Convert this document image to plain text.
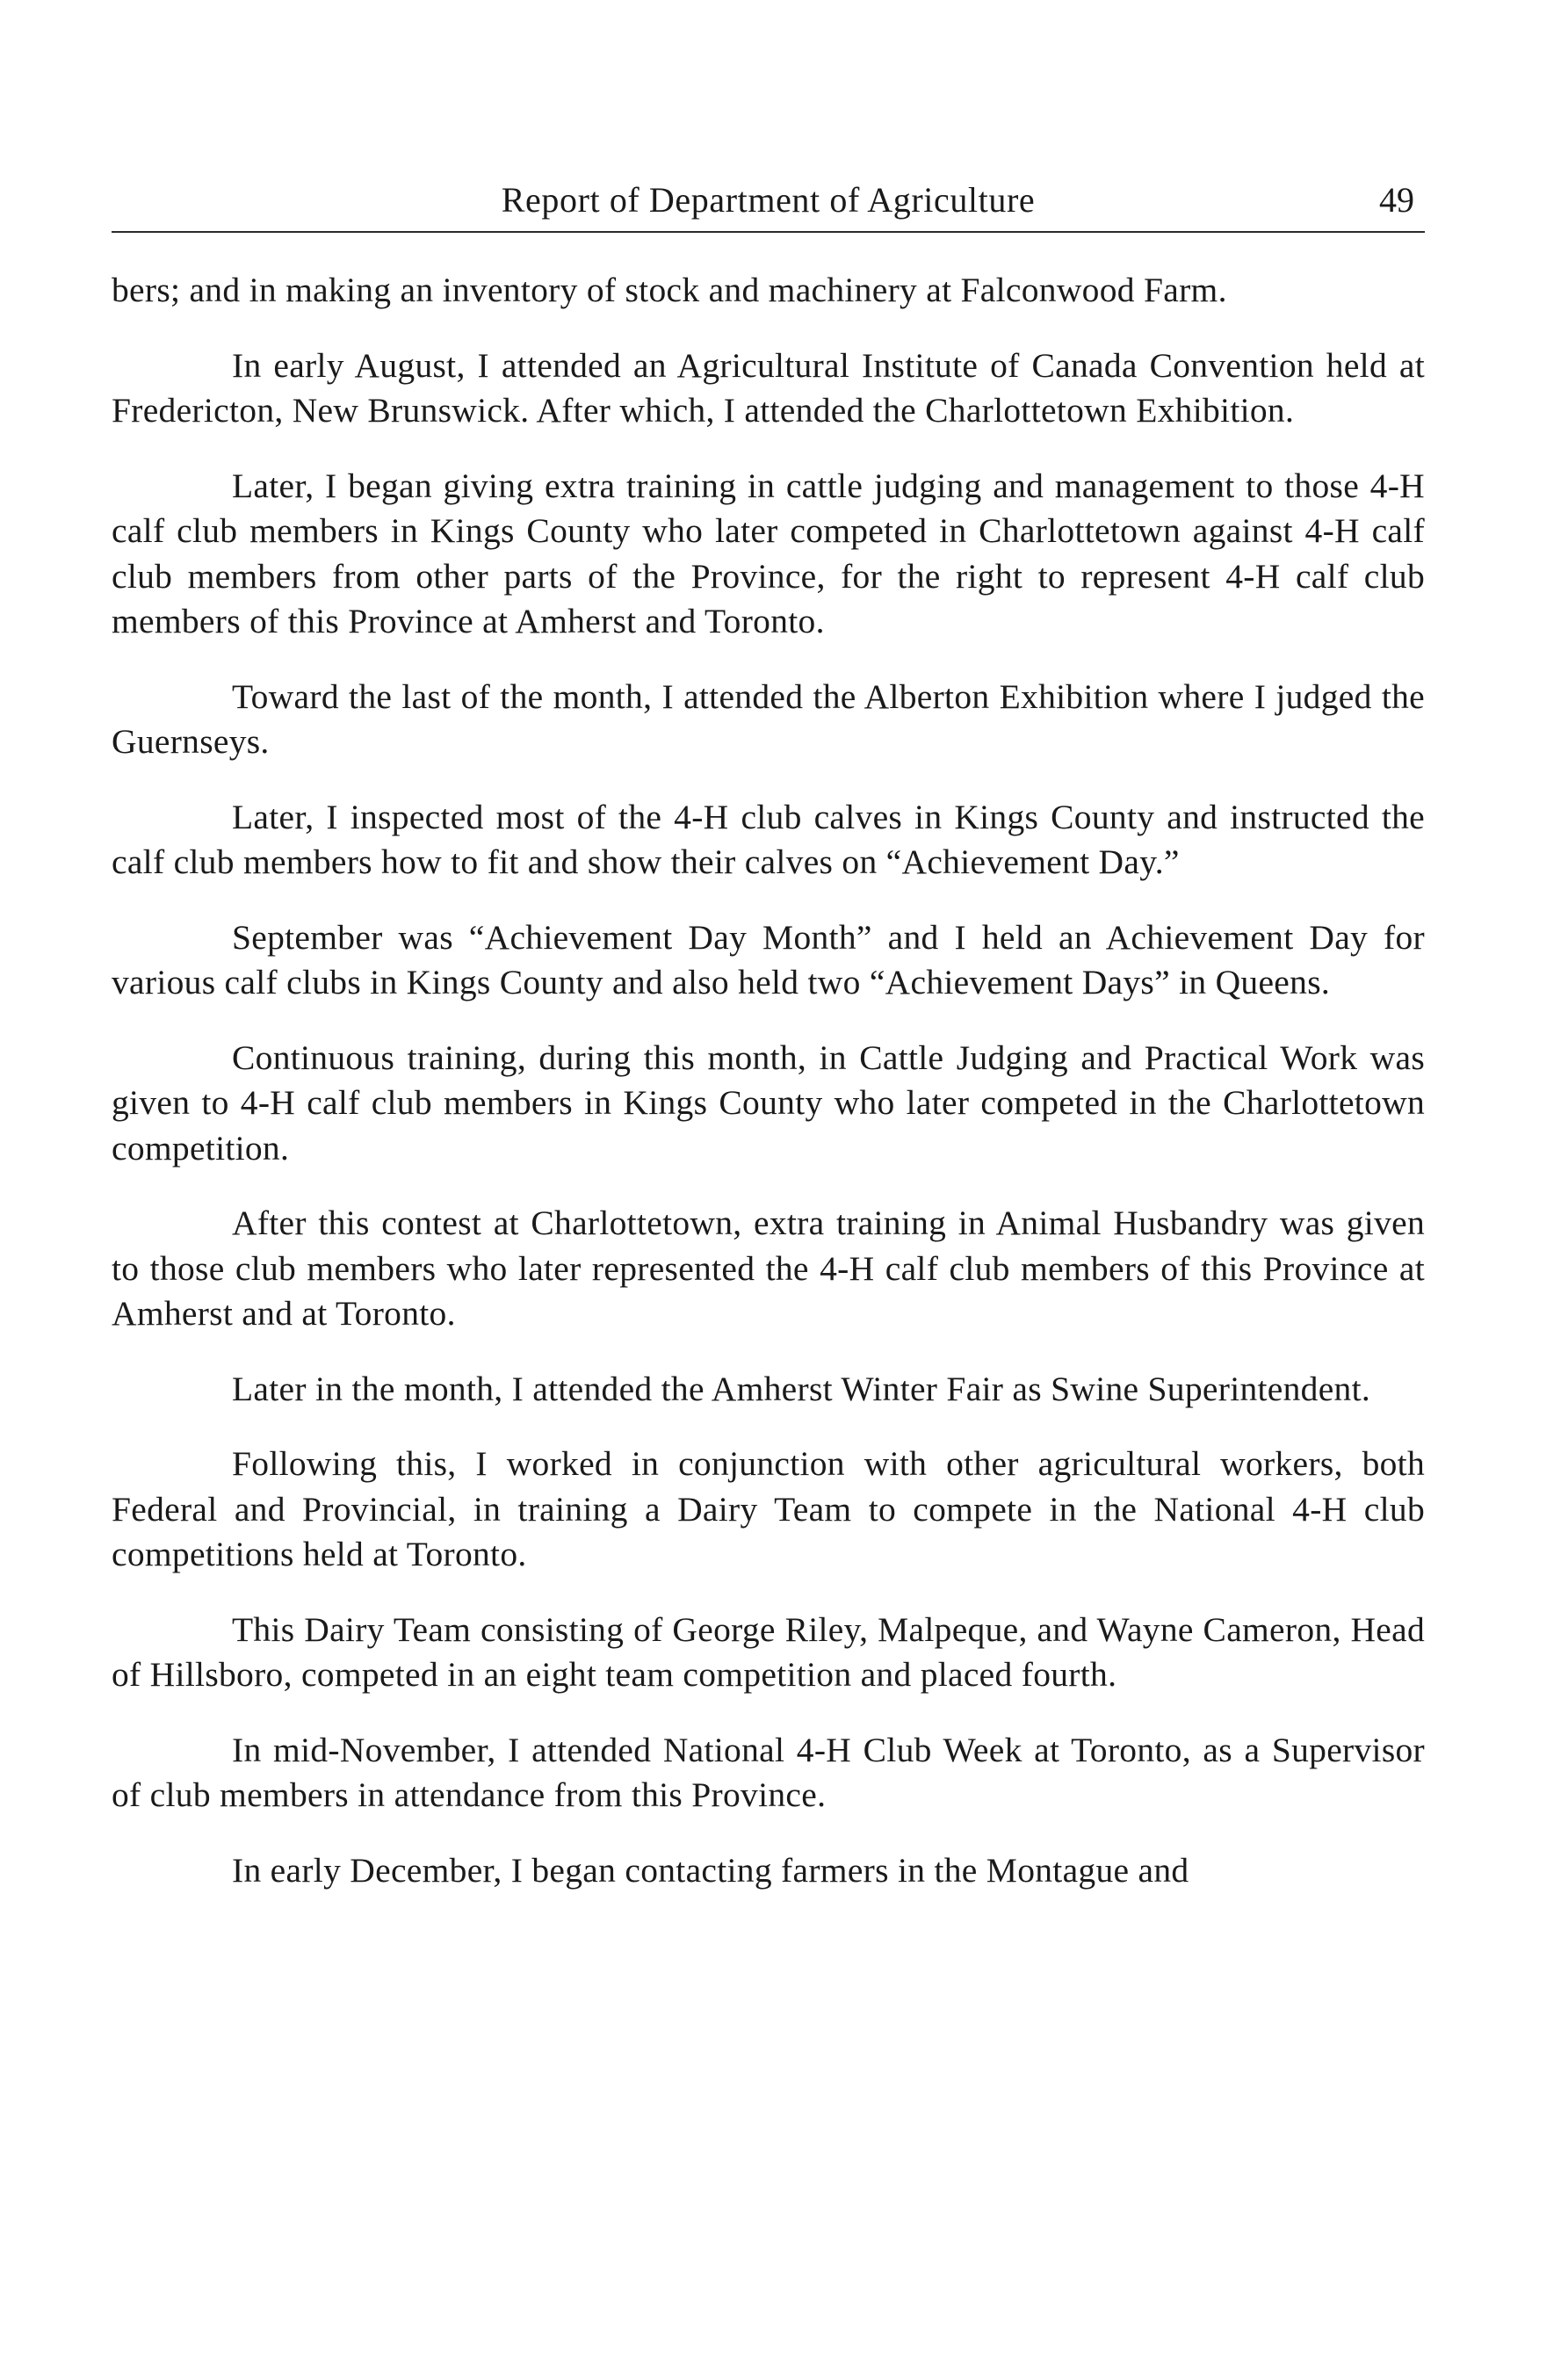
Report of Department of Agriculture	49

bers; and in making an inventory of stock and machinery at Falconwood Farm.

In early August, I attended an Agricultural Institute of Canada Convention held at Fredericton, New Brunswick. After which, I attended the Charlottetown Exhibition.

Later, I began giving extra training in cattle judging and management to those 4-H calf club members in Kings County who later competed in Charlottetown against 4-H calf club members from other parts of the Province, for the right to represent 4-H calf club members of this Province at Amherst and Toronto.

Toward the last of the month, I attended the Alberton Exhibition where I judged the Guernseys.

Later, I inspected most of the 4-H club calves in Kings County and instructed the calf club members how to fit and show their calves on “Achievement Day.”

September was “Achievement Day Month” and I held an Achievement Day for various calf clubs in Kings County and also held two “Achievement Days” in Queens.

Continuous training, during this month, in Cattle Judging and Practical Work was given to 4-H calf club members in Kings County who later competed in the Charlottetown competition.

After this contest at Charlottetown, extra training in Animal Husbandry was given to those club members who later represented the 4-H calf club members of this Province at Amherst and at Toronto.

Later in the month, I attended the Amherst Winter Fair as Swine Superintendent.

Following this, I worked in conjunction with other agricultural workers, both Federal and Provincial, in training a Dairy Team to compete in the National 4-H club competitions held at Toronto.

This Dairy Team consisting of George Riley, Malpeque, and Wayne Cameron, Head of Hillsboro, competed in an eight team competition and placed fourth.

In mid-November, I attended National 4-H Club Week at Toronto, as a Supervisor of club members in attendance from this Province.

In early December, I began contacting farmers in the Montague and
